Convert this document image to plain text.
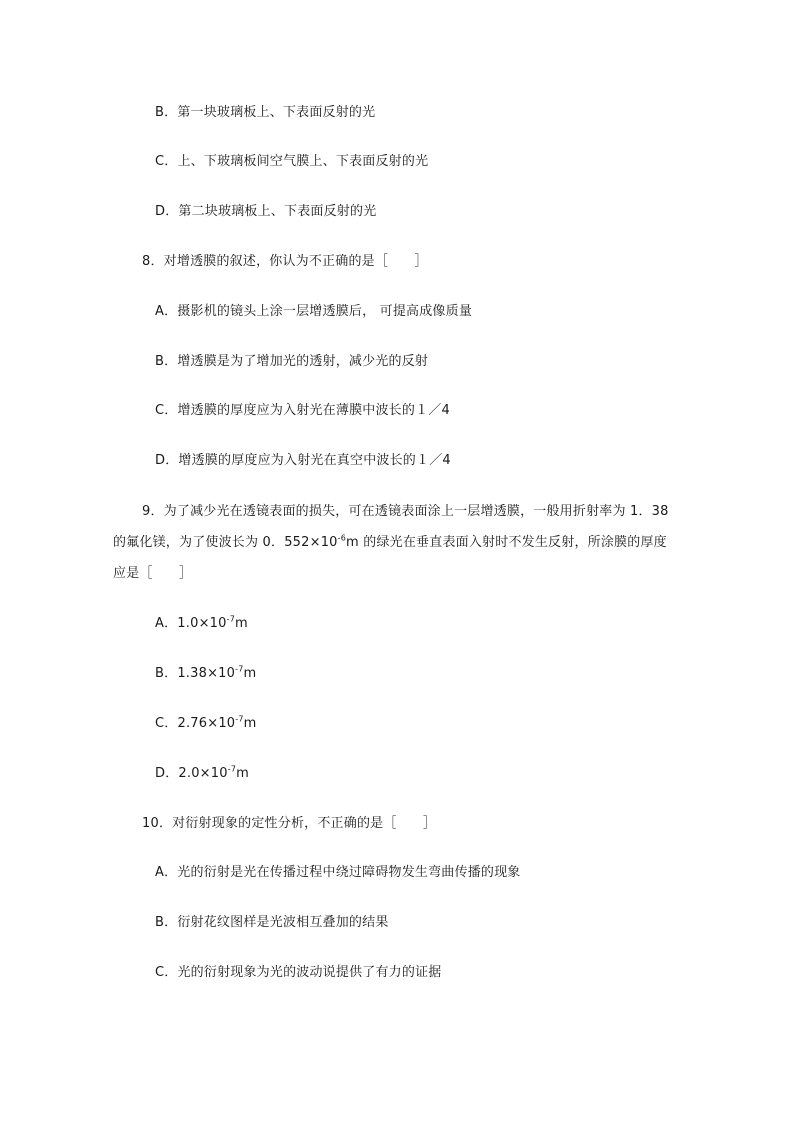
B．第一块玻璃板上、下表面反射的光
C．上、下玻璃板间空气膜上、下表面反射的光
D．第二块玻璃板上、下表面反射的光
8．对增透膜的叙述，你认为不正确的是［　　］
A．摄影机的镜头上涂一层增透膜后， 可提高成像质量
B．增透膜是为了增加光的透射，减少光的反射
C．增透膜的厚度应为入射光在薄膜中波长的１／4
D．增透膜的厚度应为入射光在真空中波长的１／4
9．为了减少光在透镜表面的损失，可在透镜表面涂上一层增透膜，一般用折射率为 1．38
的氟化镁，为了使波长为 0．$552\times 10^{-6}m$ 的绿光在垂直表面入射时不发生反射，所涂膜的厚度
应是［　　］
A．$1.0\times 10^{-7}m$
B．$1.38\times 10^{-7}m$
C．$2.76\times 10^{-7}m$
D．$2.0\times 10^{-7}m$
10．对衍射现象的定性分析，不正确的是［　　］
A．光的衍射是光在传播过程中绕过障碍物发生弯曲传播的现象
B．衍射花纹图样是光波相互叠加的结果
C．光的衍射现象为光的波动说提供了有力的证据
